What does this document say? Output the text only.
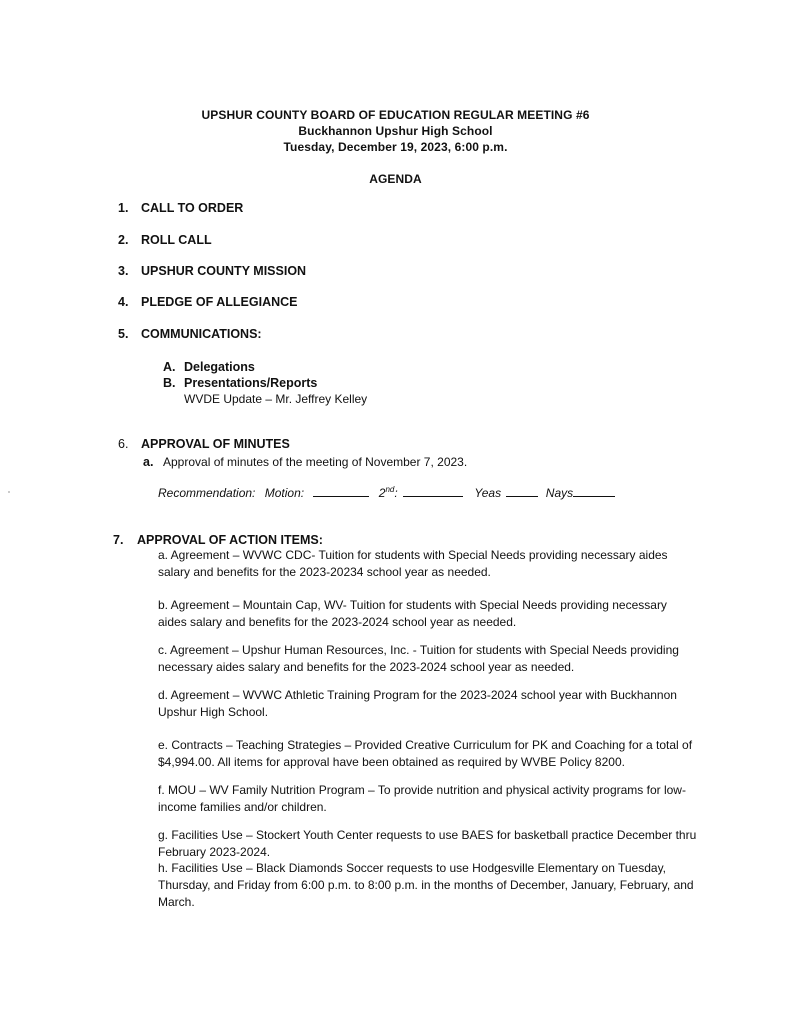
UPSHUR COUNTY BOARD OF EDUCATION REGULAR MEETING #6
Buckhannon Upshur High School
Tuesday, December 19, 2023, 6:00 p.m.
AGENDA
1. CALL TO ORDER
2. ROLL CALL
3. UPSHUR COUNTY MISSION
4. PLEDGE OF ALLEGIANCE
5. COMMUNICATIONS:
A. Delegations
B. Presentations/Reports
WVDE Update – Mr. Jeffrey Kelley
6. APPROVAL OF MINUTES
a. Approval of minutes of the meeting of November 7, 2023.
Recommendation: Motion:	2nd:	Yeas	Nays
7. APPROVAL OF ACTION ITEMS:
a. Agreement – WVWC CDC- Tuition for students with Special Needs providing necessary aides salary and benefits for the 2023-20234 school year as needed.
b. Agreement – Mountain Cap, WV- Tuition for students with Special Needs providing necessary aides salary and benefits for the 2023-2024 school year as needed.
c. Agreement – Upshur Human Resources, Inc. - Tuition for students with Special Needs providing necessary aides salary and benefits for the 2023-2024 school year as needed.
d. Agreement – WVWC Athletic Training Program for the 2023-2024 school year with Buckhannon Upshur High School.
e. Contracts – Teaching Strategies – Provided Creative Curriculum for PK and Coaching for a total of $4,994.00. All items for approval have been obtained as required by WVBE Policy 8200.
f. MOU – WV Family Nutrition Program – To provide nutrition and physical activity programs for low-income families and/or children.
g. Facilities Use – Stockert Youth Center requests to use BAES for basketball practice December thru February 2023-2024.
h. Facilities Use – Black Diamonds Soccer requests to use Hodgesville Elementary on Tuesday, Thursday, and Friday from 6:00 p.m. to 8:00 p.m. in the months of December, January, February, and March.
